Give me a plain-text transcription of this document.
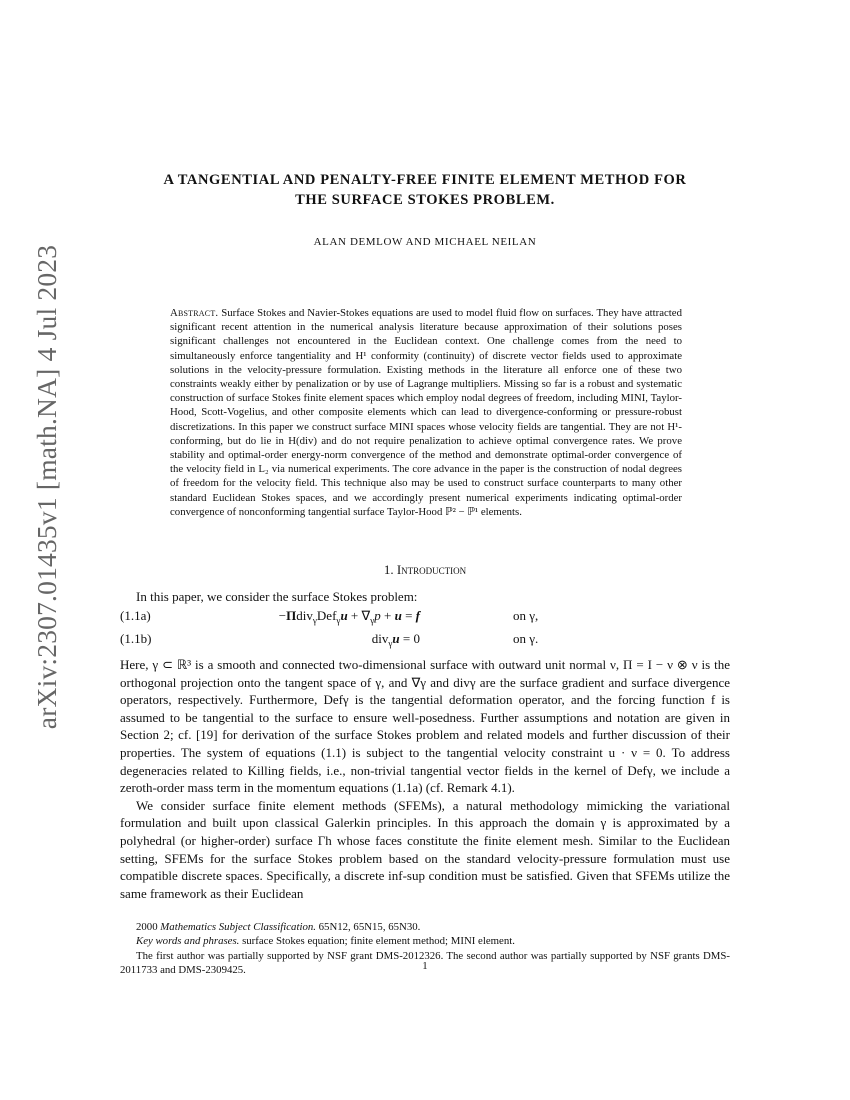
arXiv:2307.01435v1 [math.NA] 4 Jul 2023
A TANGENTIAL AND PENALTY-FREE FINITE ELEMENT METHOD FOR
THE SURFACE STOKES PROBLEM.
ALAN DEMLOW AND MICHAEL NEILAN
Abstract. Surface Stokes and Navier-Stokes equations are used to model fluid flow on surfaces. They have attracted significant recent attention in the numerical analysis literature because approximation of their solutions poses significant challenges not encountered in the Euclidean context. One challenge comes from the need to simultaneously enforce tangentiality and H¹ conformity (continuity) of discrete vector fields used to approximate solutions in the velocity-pressure formulation. Existing methods in the literature all enforce one of these two constraints weakly either by penalization or by use of Lagrange multipliers. Missing so far is a robust and systematic construction of surface Stokes finite element spaces which employ nodal degrees of freedom, including MINI, Taylor-Hood, Scott-Vogelius, and other composite elements which can lead to divergence-conforming or pressure-robust discretizations. In this paper we construct surface MINI spaces whose velocity fields are tangential. They are not H¹-conforming, but do lie in H(div) and do not require penalization to achieve optimal convergence rates. We prove stability and optimal-order energy-norm convergence of the method and demonstrate optimal-order convergence of the velocity field in L₂ via numerical experiments. The core advance in the paper is the construction of nodal degrees of freedom for the velocity field. This technique also may be used to construct surface counterparts to many other standard Euclidean Stokes spaces, and we accordingly present numerical experiments indicating optimal-order convergence of nonconforming tangential surface Taylor-Hood ℙ² − ℙ¹ elements.
1. Introduction

In this paper, we consider the surface Stokes problem:

(1.1a)	$-\Pi div_\gamma Def_\gamma u + \nabla_\gamma p + u = f$	on γ,
(1.1b)	div$_\gamma$u = 0	on γ.

Here, γ ⊂ ℝ³ is a smooth and connected two-dimensional surface with outward unit normal ν, Π = I − ν ⊗ ν is the orthogonal projection onto the tangent space of γ, and ∇γ and divγ are the surface gradient and surface divergence operators, respectively. Furthermore, Defγ is the tangential deformation operator, and the forcing function f is assumed to be tangential to the surface to ensure well-posedness. Further assumptions and notation are given in Section 2; cf. [19] for derivation of the surface Stokes problem and related models and further discussion of their properties. The system of equations (1.1) is subject to the tangential velocity constraint u · ν = 0. To address degeneracies related to Killing fields, i.e., non-trivial tangential vector fields in the kernel of Defγ, we include a zeroth-order mass term in the momentum equations (1.1a) (cf. Remark 4.1).

We consider surface finite element methods (SFEMs), a natural methodology mimicking the variational formulation and built upon classical Galerkin principles. In this approach the domain γ is approximated by a polyhedral (or higher-order) surface Γh whose faces constitute the finite element mesh. Similar to the Euclidean setting, SFEMs for the surface Stokes problem based on the standard velocity-pressure formulation must use compatible discrete spaces. Specifically, a discrete inf-sup condition must be satisfied. Given that SFEMs utilize the same framework as their Euclidean

2000 Mathematics Subject Classification. 65N12, 65N15, 65N30.

Key words and phrases. surface Stokes equation; finite element method; MINI element.

The first author was partially supported by NSF grant DMS-2012326. The second author was partially supported by NSF grants DMS-2011733 and DMS-2309425.	1
